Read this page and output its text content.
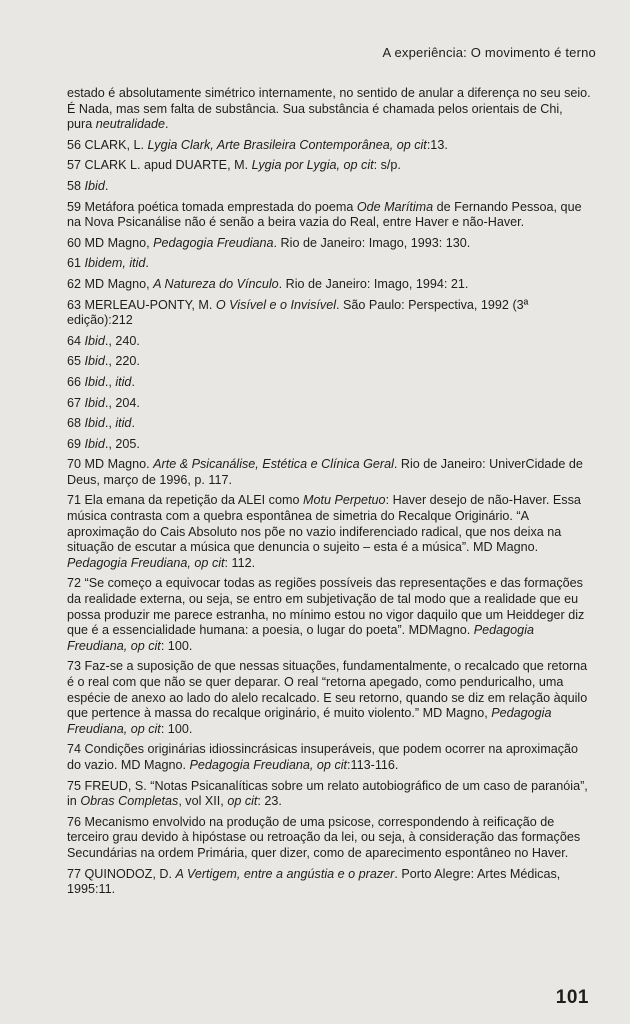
A experiência: O movimento é terno

estado é absolutamente simétrico internamente, no sentido de anular a diferença no seu seio. É Nada, mas sem falta de substância. Sua substância é chamada pelos orientais de Chi, pura neutralidade.

56 CLARK, L. Lygia Clark, Arte Brasileira Contemporânea, op cit:13.

57 CLARK L. apud DUARTE, M. Lygia por Lygia, op cit: s/p.

58 Ibid.

59 Metáfora poética tomada emprestada do poema Ode Marítima de Fernando Pessoa, que na Nova Psicanálise não é senão a beira vazia do Real, entre Haver e não-Haver.

60 MD Magno, Pedagogia Freudiana. Rio de Janeiro: Imago, 1993: 130.

61 Ibidem, itid.

62 MD Magno, A Natureza do Vínculo. Rio de Janeiro: Imago, 1994: 21.

63 MERLEAU-PONTY, M. O Visível e o Invisível. São Paulo: Perspectiva, 1992 (3ª edição):212

64 Ibid., 240.

65 Ibid., 220.

66 Ibid., itid.

67 Ibid., 204.

68 Ibid., itid.

69 Ibid., 205.

70 MD Magno. Arte & Psicanálise, Estética e Clínica Geral. Rio de Janeiro: UniverCidade de Deus, março de 1996, p. 117.

71 Ela emana da repetição da ALEI como Motu Perpetuo: Haver desejo de não-Haver. Essa música contrasta com a quebra espontânea de simetria do Recalque Originário. “A aproximação do Cais Absoluto nos põe no vazio indiferenciado radical, que nos deixa na situação de escutar a música que denuncia o sujeito – esta é a música”. MD Magno. Pedagogia Freudiana, op cit: 112.

72 “Se começo a equivocar todas as regiões possíveis das representações e das formações da realidade externa, ou seja, se entro em subjetivação de tal modo que a realidade que eu possa produzir me parece estranha, no mínimo estou no vigor daquilo que um Heiddeger diz que é a essencialidade humana: a poesia, o lugar do poeta”. MDMagno. Pedagogia Freudiana, op cit: 100.

73 Faz-se a suposição de que nessas situações, fundamentalmente, o recalcado que retorna é o real com que não se quer deparar. O real “retorna apegado, como penduricalho, uma espécie de anexo ao lado do alelo recalcado. E seu retorno, quando se diz em relação àquilo que pertence à massa do recalque originário, é muito violento.” MD Magno, Pedagogia Freudiana, op cit: 100.

74 Condições originárias idiossincrásicas insuperáveis, que podem ocorrer na aproximação do vazio. MD Magno. Pedagogia Freudiana, op cit:113-116.

75 FREUD, S. “Notas Psicanalíticas sobre um relato autobiográfico de um caso de paranóia”, in Obras Completas, vol XII, op cit: 23.

76 Mecanismo envolvido na produção de uma psicose, correspondendo à reificação de terceiro grau devido à hipóstase ou retroação da lei, ou seja, à consideração das formações Secundárias na ordem Primária, quer dizer, como de aparecimento espontâneo no Haver.

77 QUINODOZ, D. A Vertigem, entre a angústia e o prazer. Porto Alegre: Artes Médicas, 1995:11.

101
